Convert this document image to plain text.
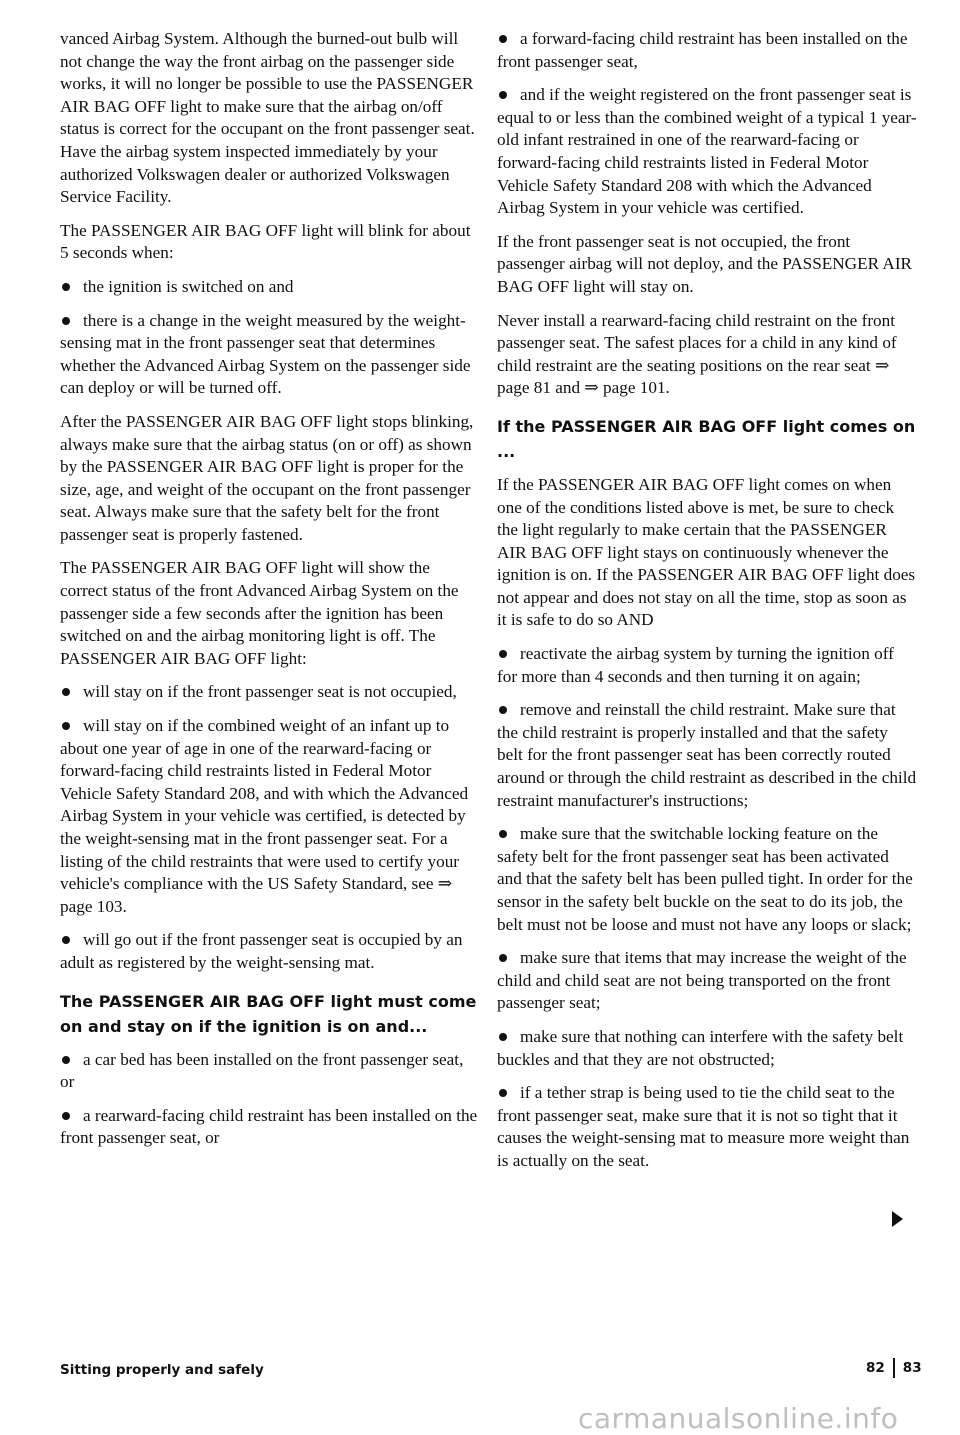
vanced Airbag System. Although the burned-out bulb will not change the way the front airbag on the passenger side works, it will no longer be possible to use the PASSENGER AIR BAG OFF light to make sure that the airbag on/off status is correct for the occupant on the front passenger seat. Have the airbag system inspected immediately by your authorized Volkswagen dealer or authorized Volkswagen Service Facility.

The PASSENGER AIR BAG OFF light will blink for about 5 seconds when:

the ignition is switched on and

there is a change in the weight measured by the weight-sensing mat in the front passenger seat that determines whether the Advanced Airbag System on the passenger side can deploy or will be turned off.

After the PASSENGER AIR BAG OFF light stops blinking, always make sure that the airbag status (on or off) as shown by the PASSENGER AIR BAG OFF light is proper for the size, age, and weight of the occupant on the front passenger seat. Always make sure that the safety belt for the front passenger seat is properly fastened.

The PASSENGER AIR BAG OFF light will show the correct status of the front Advanced Airbag System on the passenger side a few seconds after the ignition has been switched on and the airbag monitoring light is off. The PASSENGER AIR BAG OFF light:

will stay on if the front passenger seat is not occupied,

will stay on if the combined weight of an infant up to about one year of age in one of the rearward-facing or forward-facing child restraints listed in Federal Motor Vehicle Safety Standard 208, and with which the Advanced Airbag System in your vehicle was certified, is detected by the weight-sensing mat in the front passenger seat. For a listing of the child restraints that were used to certify your vehicle's compliance with the US Safety Standard, see ⇒ page 103.

will go out if the front passenger seat is occupied by an adult as registered by the weight-sensing mat.

The PASSENGER AIR BAG OFF light must come on and stay on if the ignition is on and...

a car bed has been installed on the front passenger seat, or

a rearward-facing child restraint has been installed on the front passenger seat, or

a forward-facing child restraint has been installed on the front passenger seat,

and if the weight registered on the front passenger seat is equal to or less than the combined weight of a typical 1 year-old infant restrained in one of the rearward-facing or forward-facing child restraints listed in Federal Motor Vehicle Safety Standard 208 with which the Advanced Airbag System in your vehicle was certified.

If the front passenger seat is not occupied, the front passenger airbag will not deploy, and the PASSENGER AIR BAG OFF light will stay on.

Never install a rearward-facing child restraint on the front passenger seat. The safest places for a child in any kind of child restraint are the seating positions on the rear seat ⇒ page 81 and ⇒ page 101.

If the PASSENGER AIR BAG OFF light comes on ...

If the PASSENGER AIR BAG OFF light comes on when one of the conditions listed above is met, be sure to check the light regularly to make certain that the PASSENGER AIR BAG OFF light stays on continuously whenever the ignition is on. If the PASSENGER AIR BAG OFF light does not appear and does not stay on all the time, stop as soon as it is safe to do so AND

reactivate the airbag system by turning the ignition off for more than 4 seconds and then turning it on again;

remove and reinstall the child restraint. Make sure that the child restraint is properly installed and that the safety belt for the front passenger seat has been correctly routed around or through the child restraint as described in the child restraint manufacturer's instructions;

make sure that the switchable locking feature on the safety belt for the front passenger seat has been activated and that the safety belt has been pulled tight. In order for the sensor in the safety belt buckle on the seat to do its job, the belt must not be loose and must not have any loops or slack;

make sure that items that may increase the weight of the child and child seat are not being transported on the front passenger seat;

make sure that nothing can interfere with the safety belt buckles and that they are not obstructed;

if a tether strap is being used to tie the child seat to the front passenger seat, make sure that it is not so tight that it causes the weight-sensing mat to measure more weight than is actually on the seat.

Sitting properly and safely	82 83
carmanualsonline.info
